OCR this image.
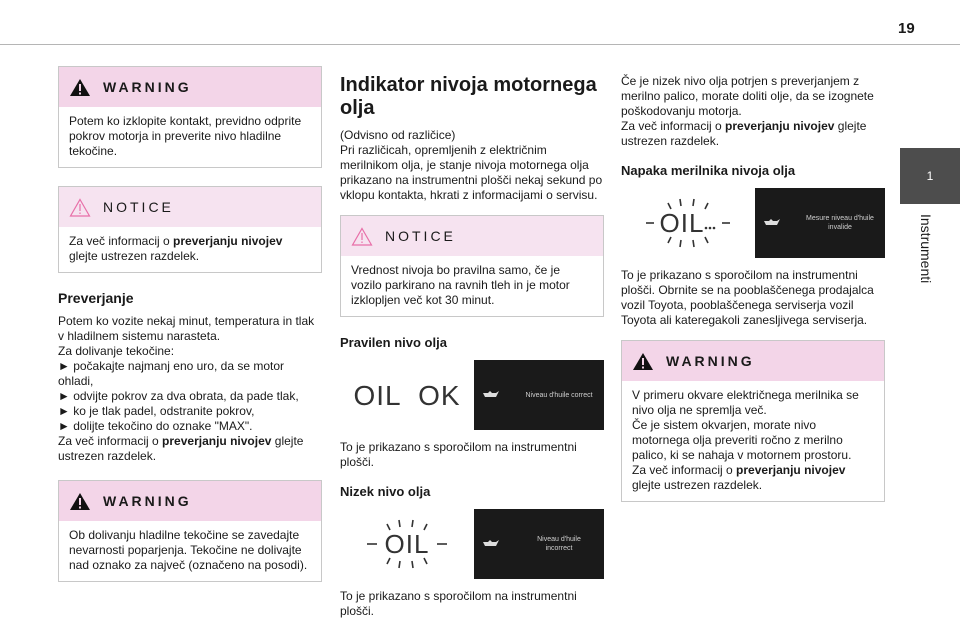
19
1
Instrumenti
WARNING

Potem ko izklopite kontakt, previdno odprite pokrov motorja in preverite nivo hladilne tekočine.

NOTICE

Za več informacij o preverjanju nivojev glejte ustrezen razdelek.

Preverjanje

Potem ko vozite nekaj minut, temperatura in tlak v hladilnem sistemu narasteta.
Za dolivanje tekočine:
► počakajte najmanj eno uro, da se motor ohladi,
► odvijte pokrov za dva obrata, da pade tlak,
► ko je tlak padel, odstranite pokrov,
► dolijte tekočino do oznake "MAX".
Za več informacij o preverjanju nivojev glejte ustrezen razdelek.

WARNING

Ob dolivanju hladilne tekočine se zavedajte nevarnosti poparjenja. Tekočine ne dolivajte nad oznako za največ (označeno na posodi).

Indikator nivoja motornega olja

(Odvisno od različice)
Pri različicah, opremljenih z električnim merilnikom olja, je stanje nivoja motornega olja prikazano na instrumentni plošči nekaj sekund po vklopu kontakta, hkrati z informacijami o servisu.

NOTICE

Vrednost nivoja bo pravilna samo, če je vozilo parkirano na ravnih tleh in je motor izklopljen več kot 30 minut.

Pravilen nivo olja
OIL  OK	Niveau d'huile correct

To je prikazano s sporočilom na instrumentni plošči.

Nizek nivo olja
OIL	Niveau d'huile incorrect

To je prikazano s sporočilom na instrumentni plošči.

Če je nizek nivo olja potrjen s preverjanjem z merilno palico, morate doliti olje, da se izognete poškodovanju motorja.
Za več informacij o preverjanju nivojev glejte ustrezen razdelek.

Napaka merilnika nivoja olja
OIL	Mesure niveau d'huile invalide

To je prikazano s sporočilom na instrumentni plošči. Obrnite se na pooblaščenega prodajalca vozil Toyota, pooblaščenega serviserja vozil Toyota ali kateregakoli zanesljivega serviserja.

WARNING

V primeru okvare električnega merilnika se nivo olja ne spremlja več.
Če je sistem okvarjen, morate nivo motornega olja preveriti ročno z merilno palico, ki se nahaja v motornem prostoru.
Za več informacij o preverjanju nivojev
glejte ustrezen razdelek.
